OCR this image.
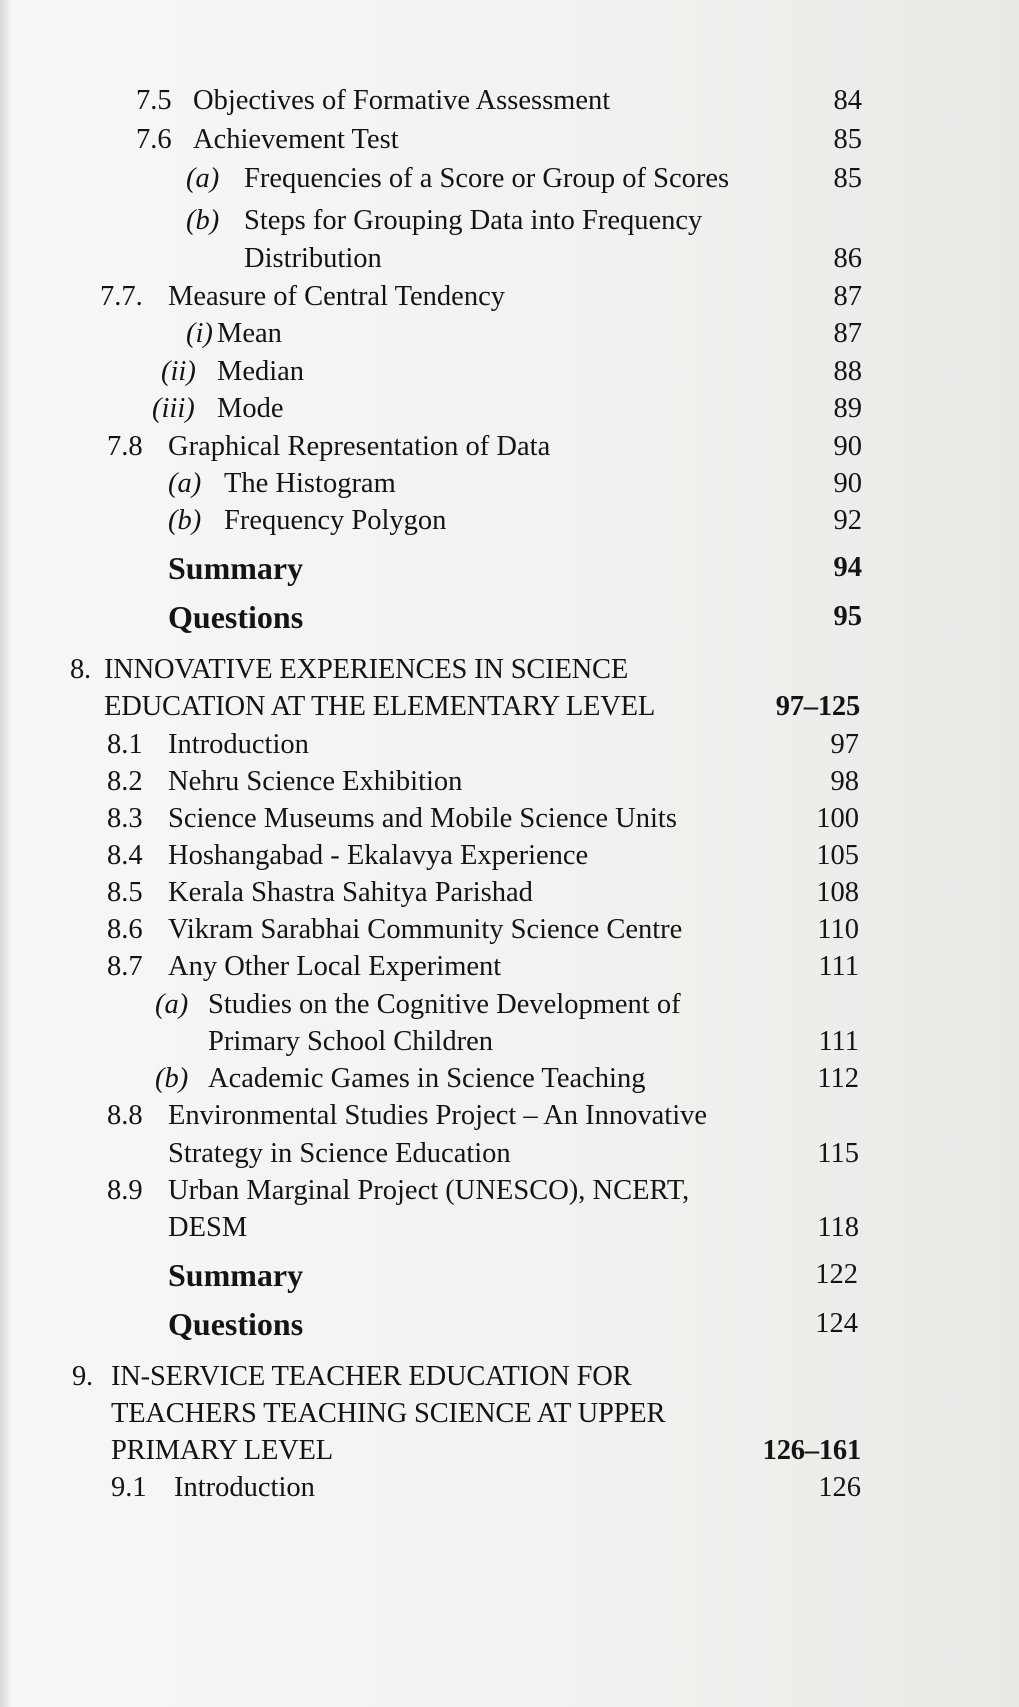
7.5 Objectives of Formative Assessment	84
7.6 Achievement Test	85
(a) Frequencies of a Score or Group of Scores	85
(b) Steps for Grouping Data into Frequency
Distribution	86
7.7. Measure of Central Tendency	87
(i) Mean	87
(ii) Median	88
(iii) Mode	89
7.8 Graphical Representation of Data	90
(a) The Histogram	90
(b) Frequency Polygon	92
Summary	94
Questions	95
8. INNOVATIVE EXPERIENCES IN SCIENCE
EDUCATION AT THE ELEMENTARY LEVEL	97–125
8.1 Introduction	97
8.2 Nehru Science Exhibition	98
8.3 Science Museums and Mobile Science Units	100
8.4 Hoshangabad - Ekalavya Experience	105
8.5 Kerala Shastra Sahitya Parishad	108
8.6 Vikram Sarabhai Community Science Centre	110
8.7 Any Other Local Experiment	111
(a) Studies on the Cognitive Development of
Primary School Children	111
(b) Academic Games in Science Teaching	112
8.8 Environmental Studies Project – An Innovative
Strategy in Science Education	115
8.9 Urban Marginal Project (UNESCO), NCERT,
DESM	118
Summary	122
Questions	124
9. IN-SERVICE TEACHER EDUCATION FOR
TEACHERS TEACHING SCIENCE AT UPPER
PRIMARY LEVEL	126–161
9.1 Introduction	126
